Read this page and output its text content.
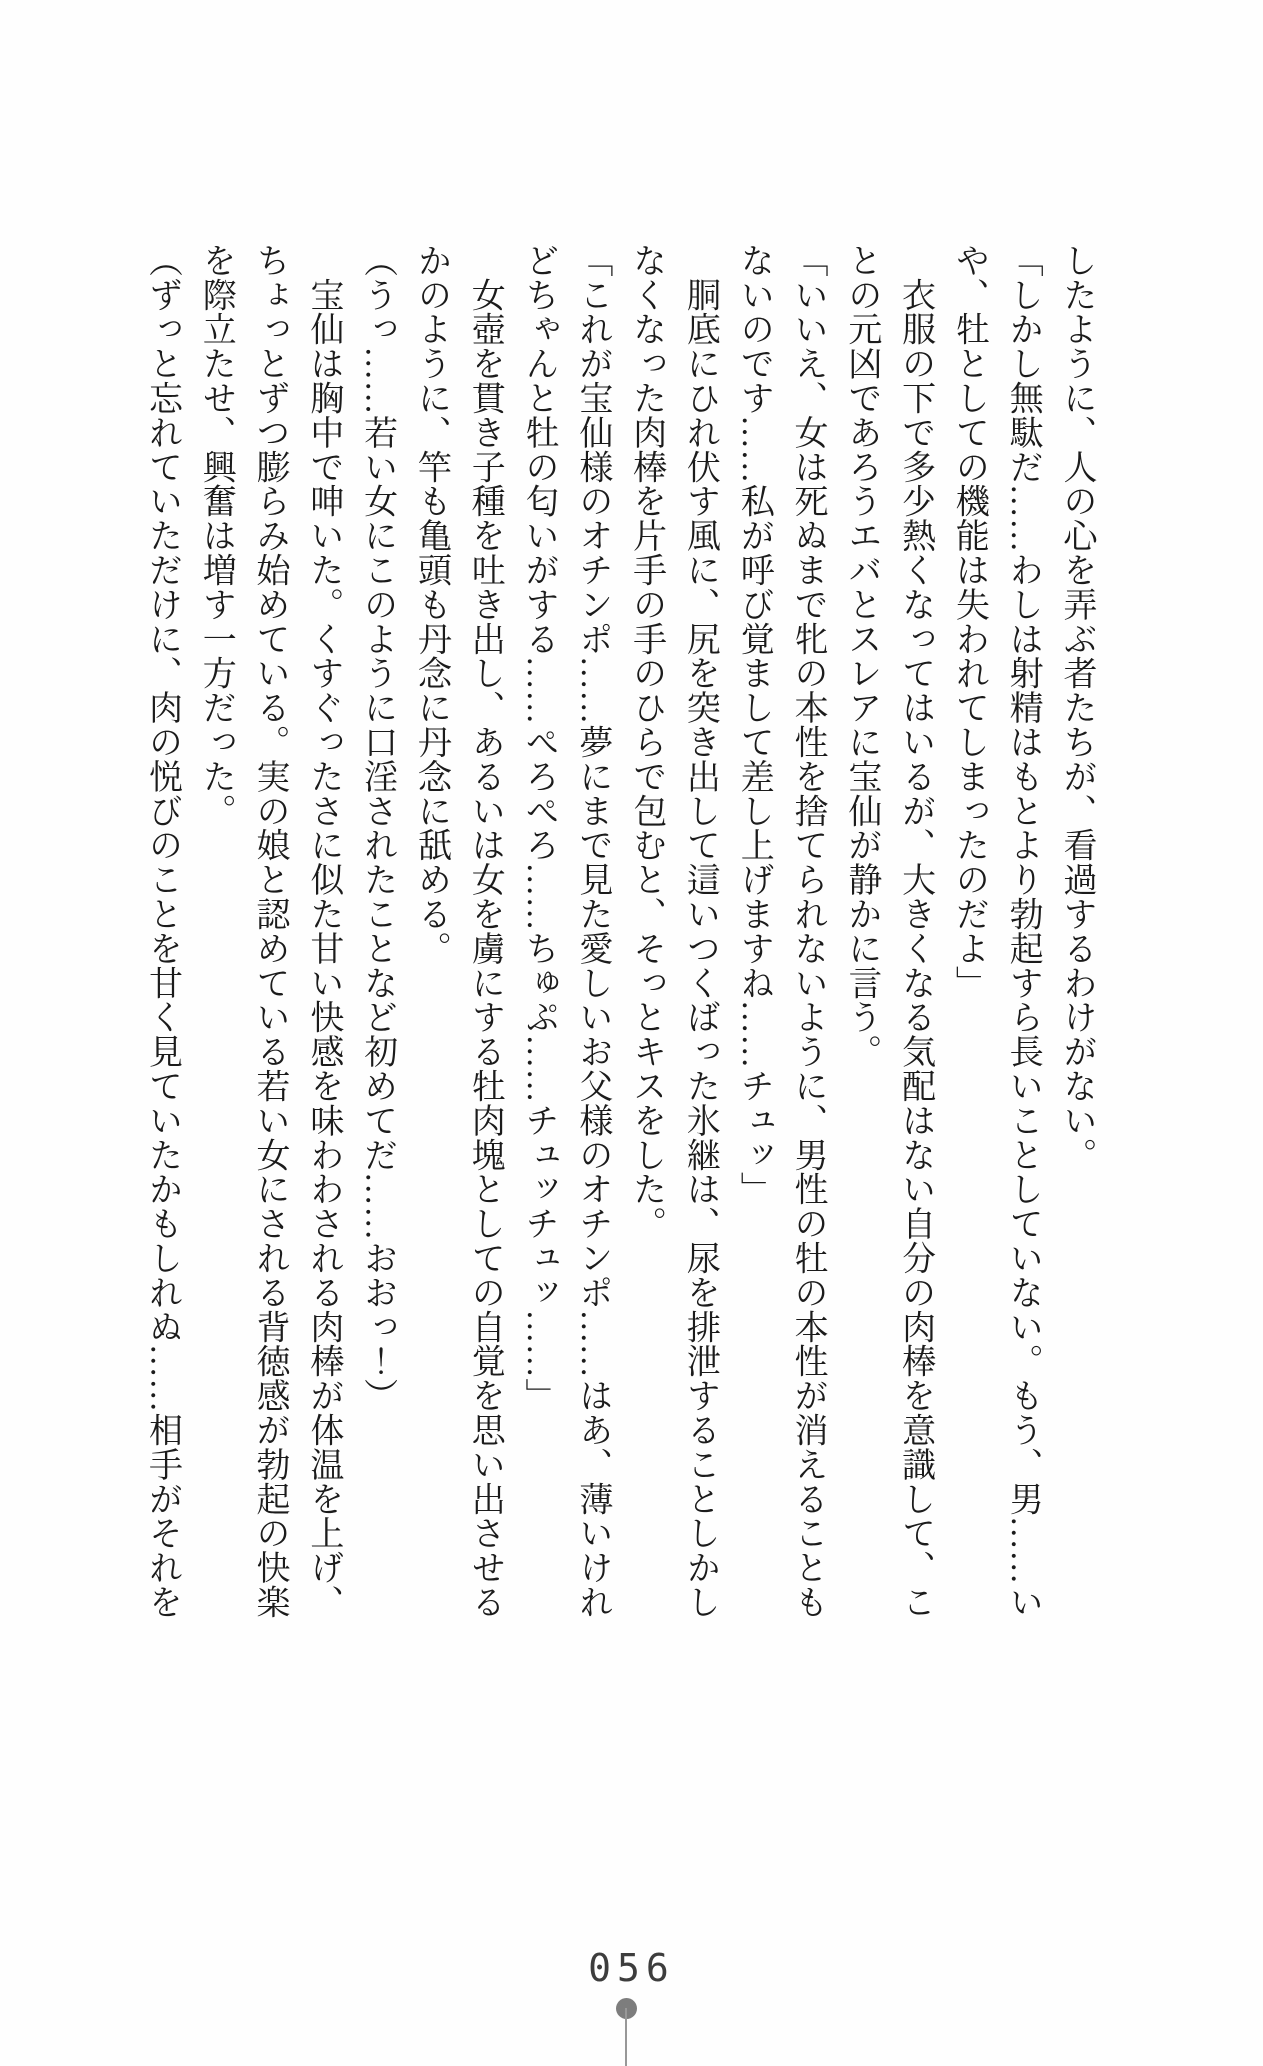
したように、人の心を弄ぶ者たちが、看過するわけがない。

「しかし無駄だ……わしは射精はもとより勃起すら長いことしていない。もう、男……い

や、牡としての機能は失われてしまったのだよ」

　衣服の下で多少熱くなってはいるが、大きくなる気配はない自分の肉棒を意識して、こ

との元凶であろうエバとスレアに宝仙が静かに言う。

「いいえ、女は死ぬまで牝の本性を捨てられないように、男性の牡の本性が消えることも

ないのです……私が呼び覚まして差し上げますね……チュッ」

　胴底にひれ伏す風に、尻を突き出して這いつくばった氷継は、尿を排泄することしかし

なくなった肉棒を片手の手のひらで包むと、そっとキスをした。

「これが宝仙様のオチンポ……夢にまで見た愛しいお父様のオチンポ……はあ、薄いけれ

どちゃんと牡の匂いがする……ぺろぺろ……ちゅぷ……チュッチュッ……」

　女壺を貫き子種を吐き出し、あるいは女を虜にする牡肉塊としての自覚を思い出させる

かのように、竿も亀頭も丹念に丹念に舐める。

（うっ……若い女にこのように口淫されたことなど初めてだ……おおっ！）

　宝仙は胸中で呻いた。くすぐったさに似た甘い快感を味わわされる肉棒が体温を上げ、

ちょっとずつ膨らみ始めている。実の娘と認めている若い女にされる背徳感が勃起の快楽

を際立たせ、興奮は増す一方だった。

（ずっと忘れていただけに、肉の悦びのことを甘く見ていたかもしれぬ……相手がそれを

056
